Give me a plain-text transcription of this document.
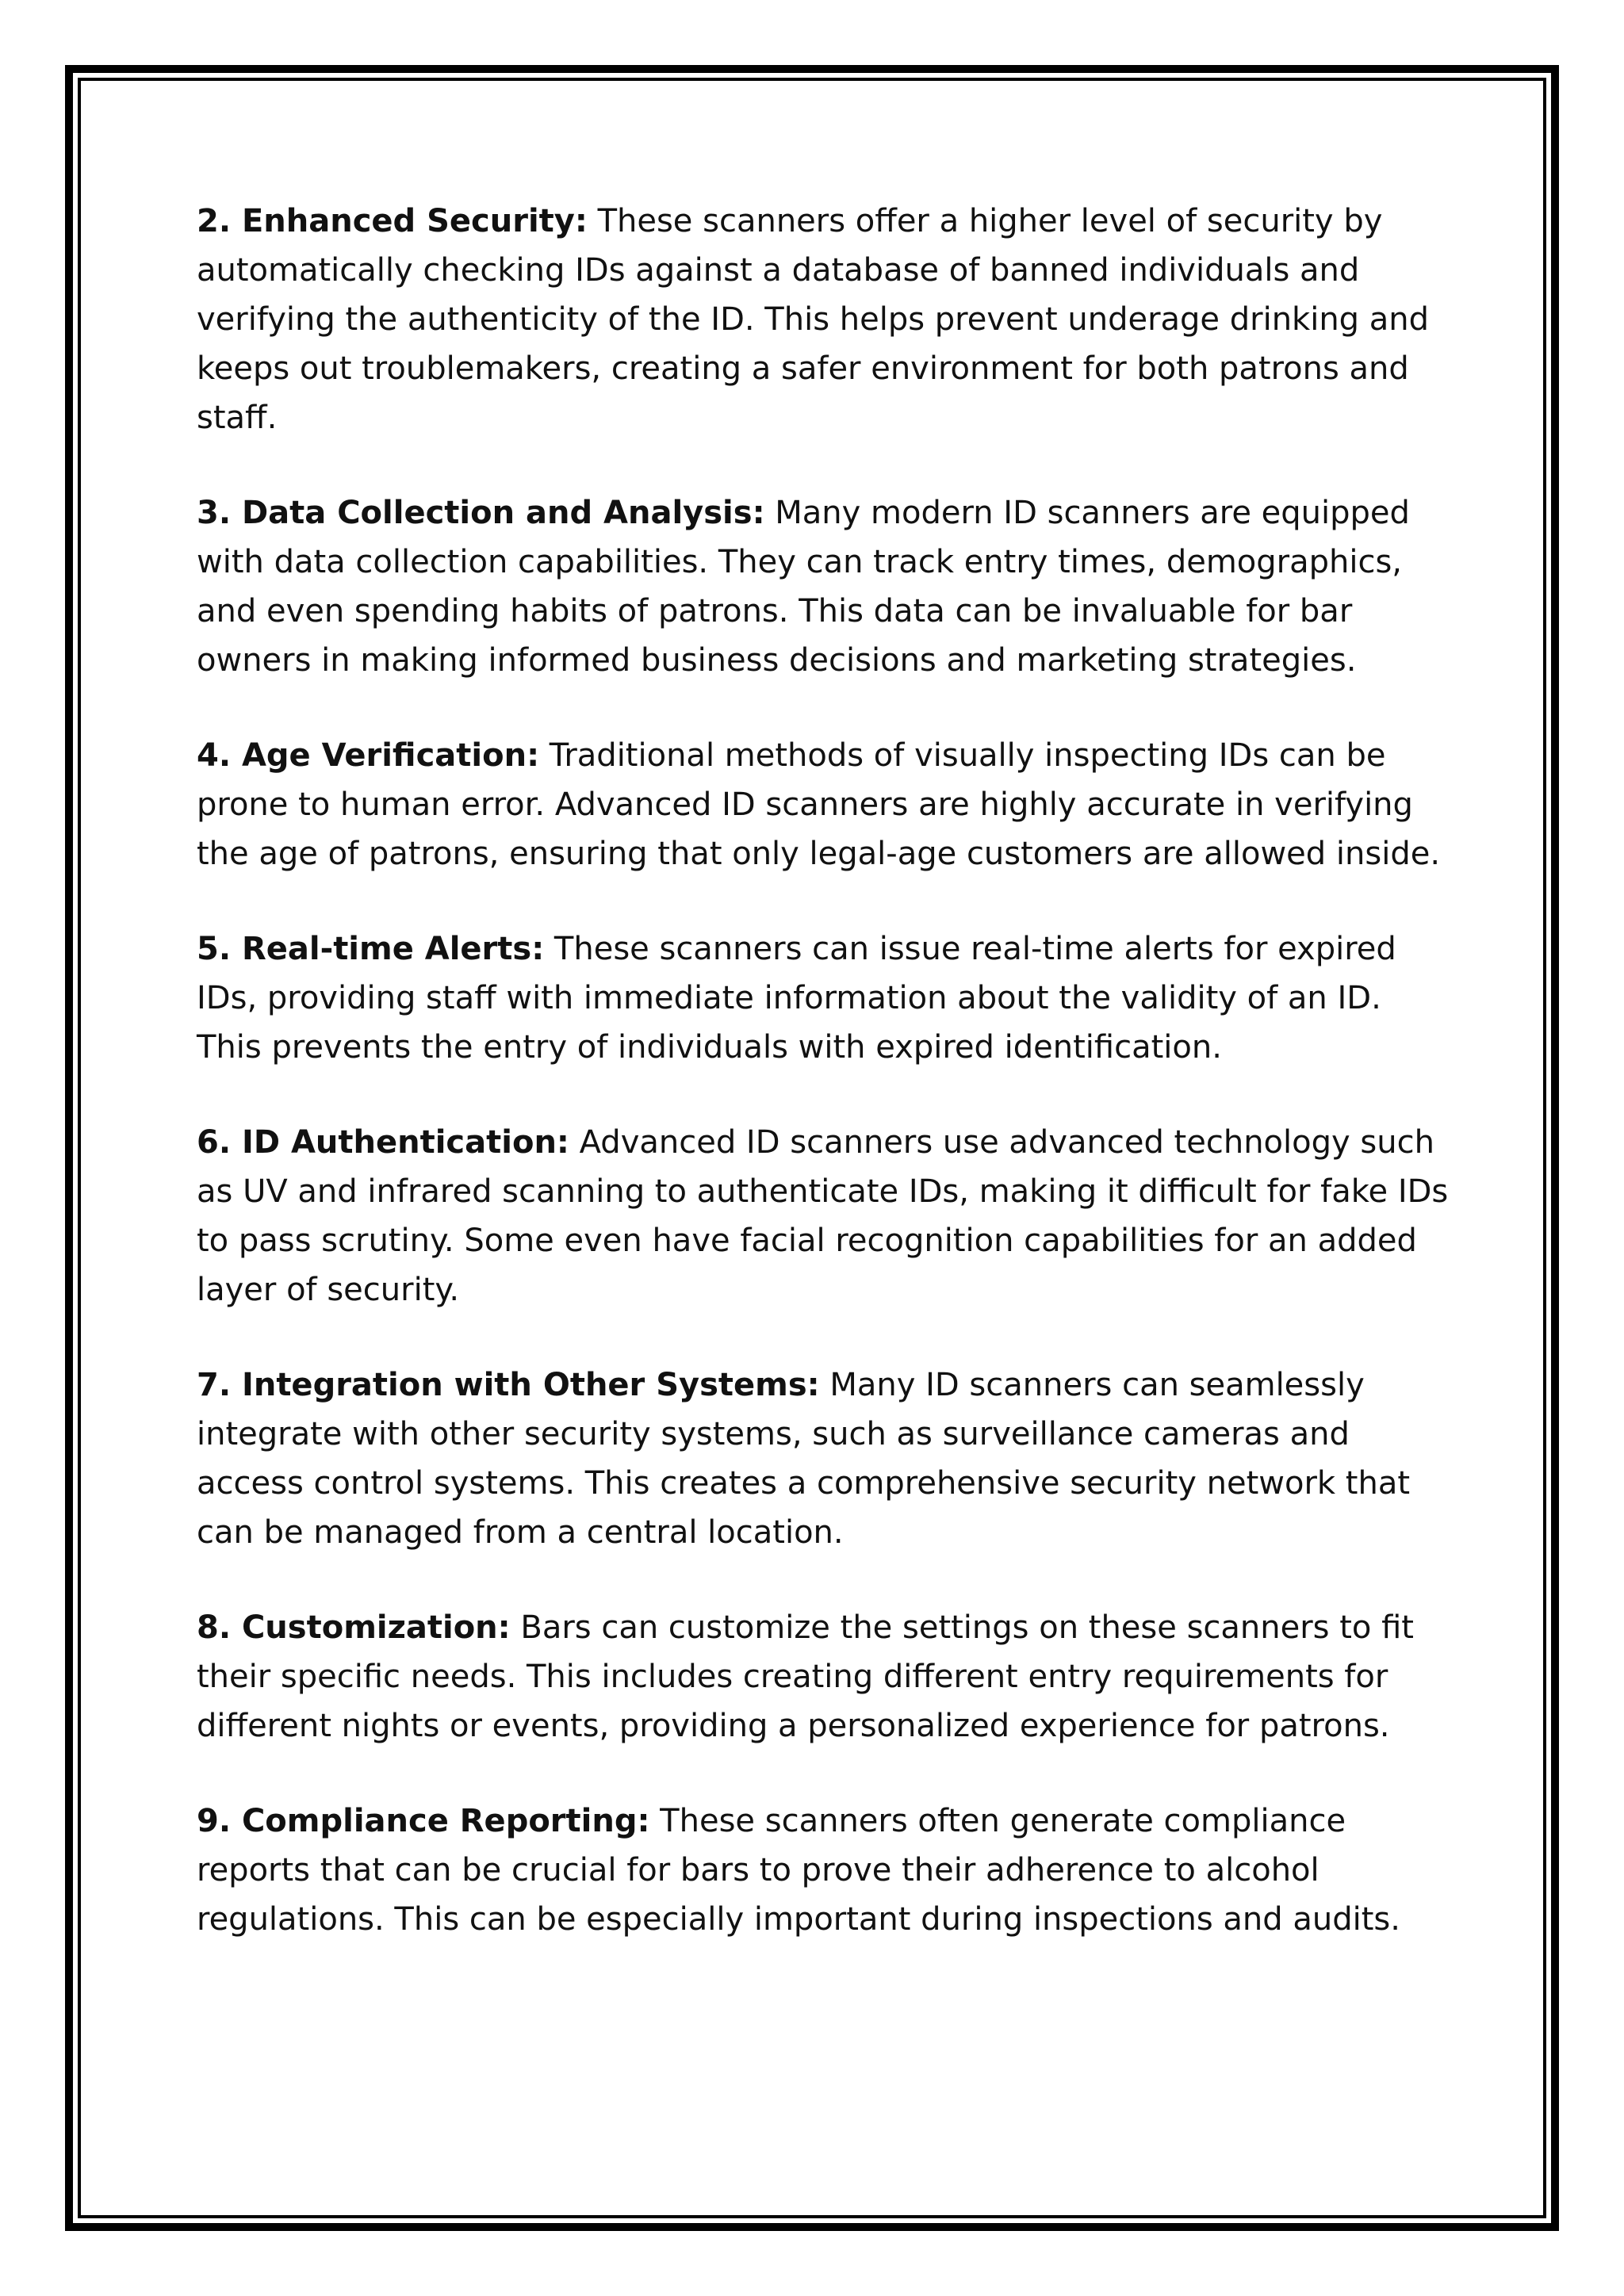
2. Enhanced Security: These scanners offer a higher level of security by automatically checking IDs against a database of banned individuals and verifying the authenticity of the ID. This helps prevent underage drinking and keeps out troublemakers, creating a safer environment for both patrons and staff.

3. Data Collection and Analysis: Many modern ID scanners are equipped with data collection capabilities. They can track entry times, demographics, and even spending habits of patrons. This data can be invaluable for bar owners in making informed business decisions and marketing strategies.

4. Age Verification: Traditional methods of visually inspecting IDs can be prone to human error. Advanced ID scanners are highly accurate in verifying the age of patrons, ensuring that only legal-age customers are allowed inside.

5. Real-time Alerts: These scanners can issue real-time alerts for expired IDs, providing staff with immediate information about the validity of an ID. This prevents the entry of individuals with expired identification.

6. ID Authentication: Advanced ID scanners use advanced technology such as UV and infrared scanning to authenticate IDs, making it difficult for fake IDs to pass scrutiny. Some even have facial recognition capabilities for an added layer of security.

7. Integration with Other Systems: Many ID scanners can seamlessly integrate with other security systems, such as surveillance cameras and access control systems. This creates a comprehensive security network that can be managed from a central location.

8. Customization: Bars can customize the settings on these scanners to fit their specific needs. This includes creating different entry requirements for different nights or events, providing a personalized experience for patrons.

9. Compliance Reporting: These scanners often generate compliance reports that can be crucial for bars to prove their adherence to alcohol regulations. This can be especially important during inspections and audits.
